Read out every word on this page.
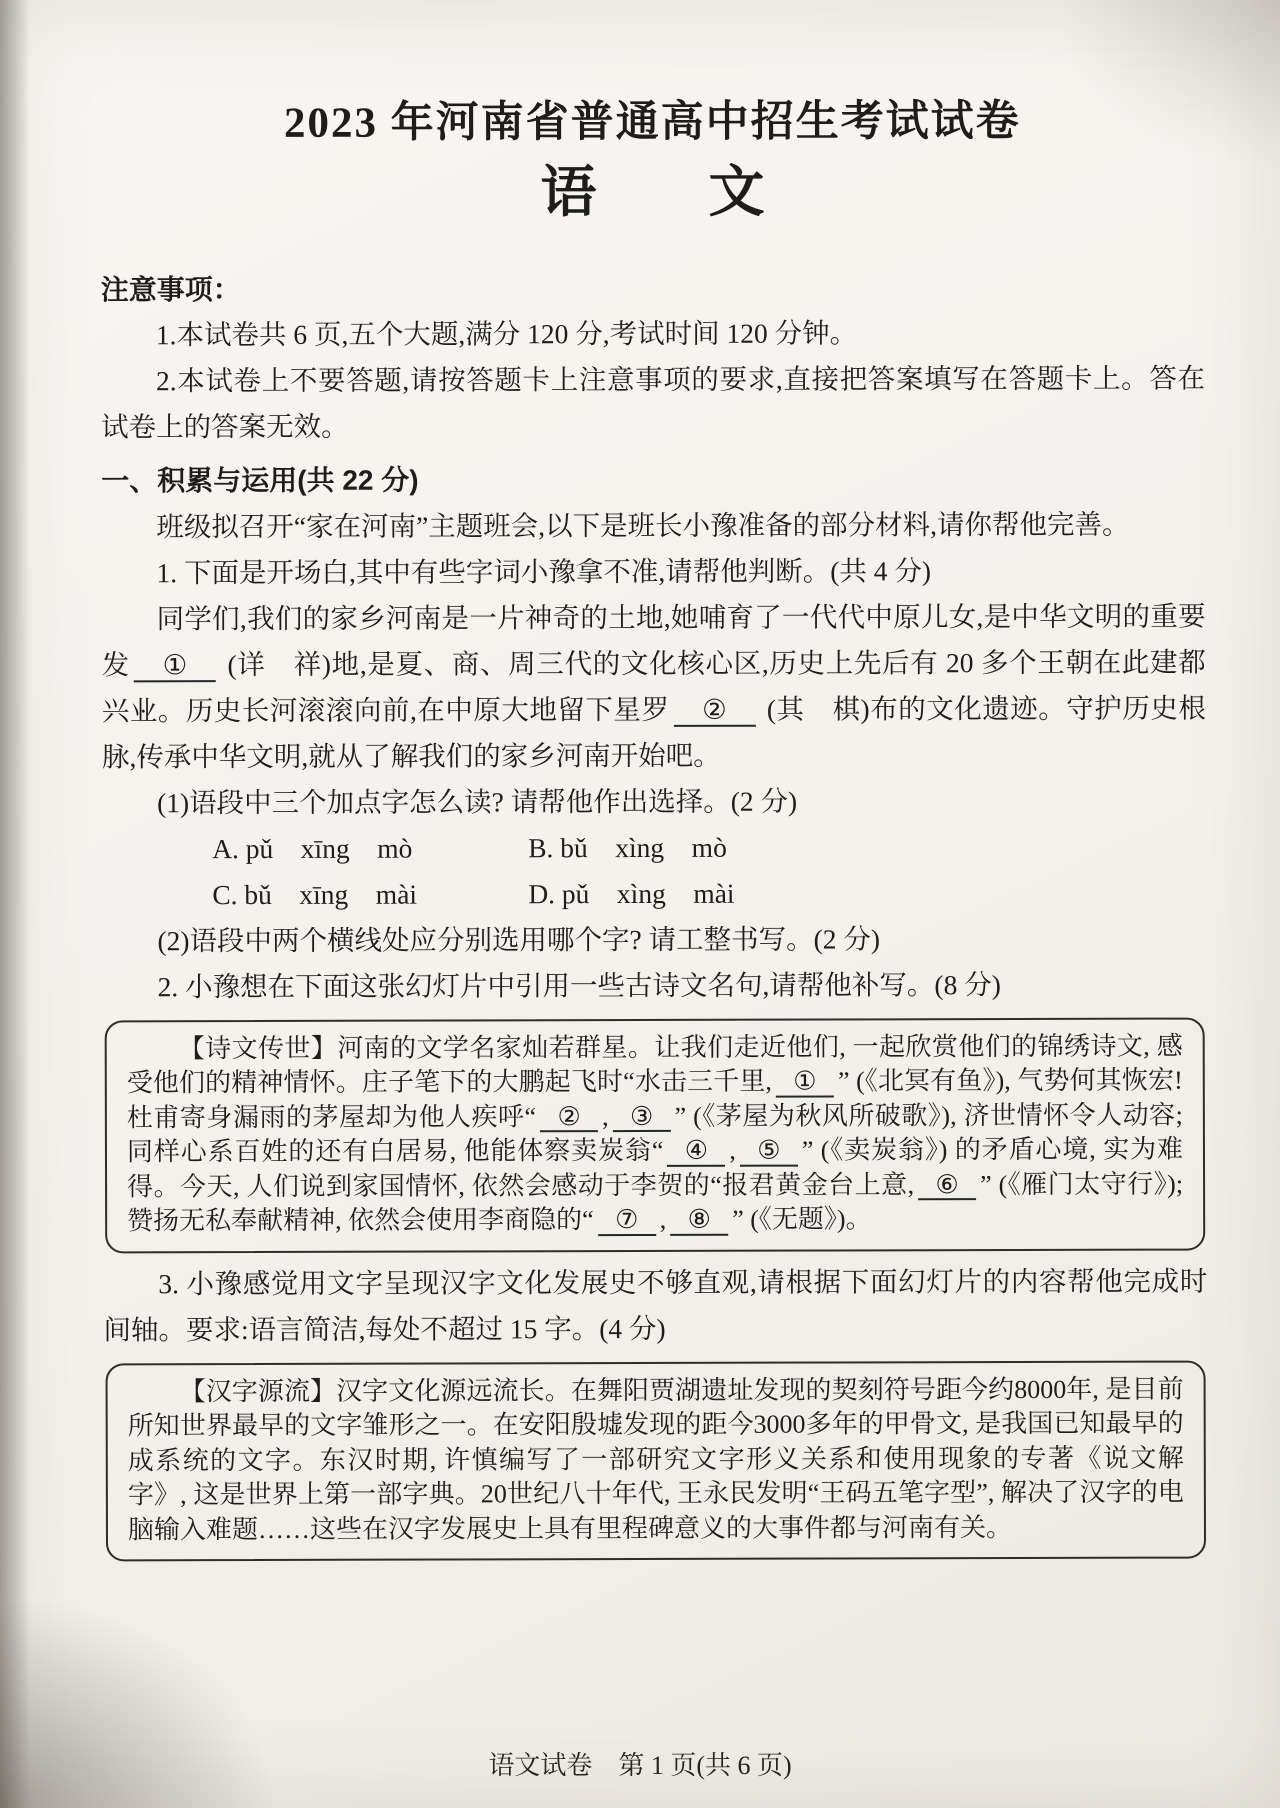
2023 年河南省普通高中招生考试试卷
语　　文

注意事项：

1.本试卷共 6 页,五个大题,满分 120 分,考试时间 120 分钟。

2.本试卷上不要答题,请按答题卡上注意事项的要求,直接把答案填写在答题卡上。答在试卷上的答案无效。

一、积累与运用(共 22 分)

班级拟召开“家在河南”主题班会,以下是班长小豫准备的部分材料,请你帮他完善。

1. 下面是开场白,其中有些字词小豫拿不准,请帮他判断。(共 4 分)

同学们,我们的家乡河南是一片神奇的土地,她哺 •育了一代代中原儿女,是中华文明的重要发 ① (详　祥)地,是夏、商、周三代的文化核心区,历史上先后有 20 多个王朝在此建都兴 •业。历史长河滚滚向前,在中原大地留下星罗 ② (其　棋)布的文化遗迹。守护历史根脉 •,传承中华文明,就从了解我们的家乡河南开始吧。

(1)语段中三个加点字怎么读? 请帮他作出选择。(2 分)

A. pǔ　xīng　mò	B. bǔ　xìng　mò
C. bǔ　xīng　mài	D. pǔ　xìng　mài

(2)语段中两个横线处应分别选用哪个字? 请工整书写。(2 分)

2. 小豫想在下面这张幻灯片中引用一些古诗文名句,请帮他补写。(8 分)

【诗文传世】河南的文学名家灿若群星。让我们走近他们, 一起欣赏他们的锦绣诗文, 感受他们的精神情怀。庄子笔下的大鹏起飞时“水击三千里, ① ” (《北冥有鱼》), 气势何其恢宏! 杜甫寄身漏雨的茅屋却为他人疾呼“ ② , ③ ” (《茅屋为秋风所破歌》), 济世情怀令人动容; 同样心系百姓的还有白居易, 他能体察卖炭翁“ ④ , ⑤ ” (《卖炭翁》) 的矛盾心境, 实为难得。今天, 人们说到家国情怀, 依然会感动于李贺的“报君黄金台上意, ⑥ ” (《雁门太守行》); 赞扬无私奉献精神, 依然会使用李商隐的“ ⑦ , ⑧ ” (《无题》)。

3. 小豫感觉用文字呈现汉字文化发展史不够直观,请根据下面幻灯片的内容帮他完成时间轴。要求:语言简洁,每处不超过 15 字。(4 分)

【汉字源流】汉字文化源远流长。在舞阳贾湖遗址发现的契刻符号距今约8000年, 是目前所知世界最早的文字雏形之一。在安阳殷墟发现的距今3000多年的甲骨文, 是我国已知最早的成系统的文字。东汉时期, 许慎编写了一部研究文字形义关系和使用现象的专著《说文解字》, 这是世界上第一部字典。20世纪八十年代, 王永民发明“王码五笔字型”, 解决了汉字的电脑输入难题……这些在汉字发展史上具有里程碑意义的大事件都与河南有关。

语文试卷　第 1 页(共 6 页)
